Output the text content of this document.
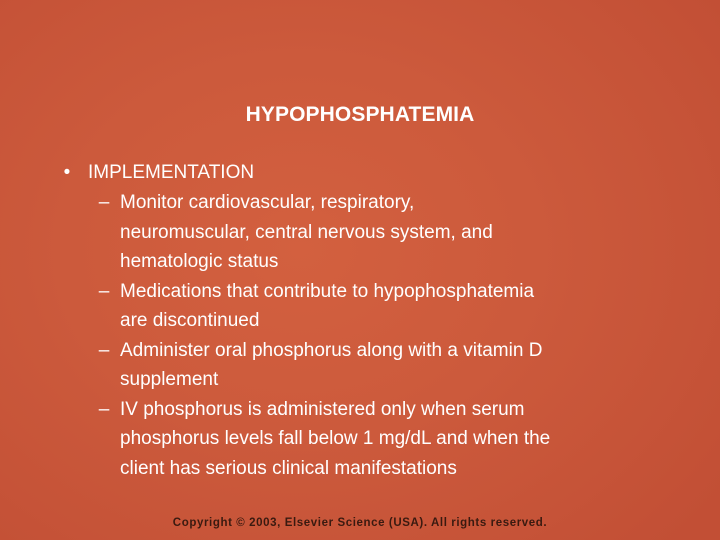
HYPOPHOSPHATEMIA
• IMPLEMENTATION
– Monitor cardiovascular, respiratory,
neuromuscular, central nervous system, and
hematologic status
– Medications that contribute to hypophosphatemia
are discontinued
– Administer oral phosphorus along with a vitamin D
supplement
– IV phosphorus is administered only when serum
phosphorus levels fall below 1 mg/dL and when the
client has serious clinical manifestations
Copyright © 2003, Elsevier Science (USA). All rights reserved.
